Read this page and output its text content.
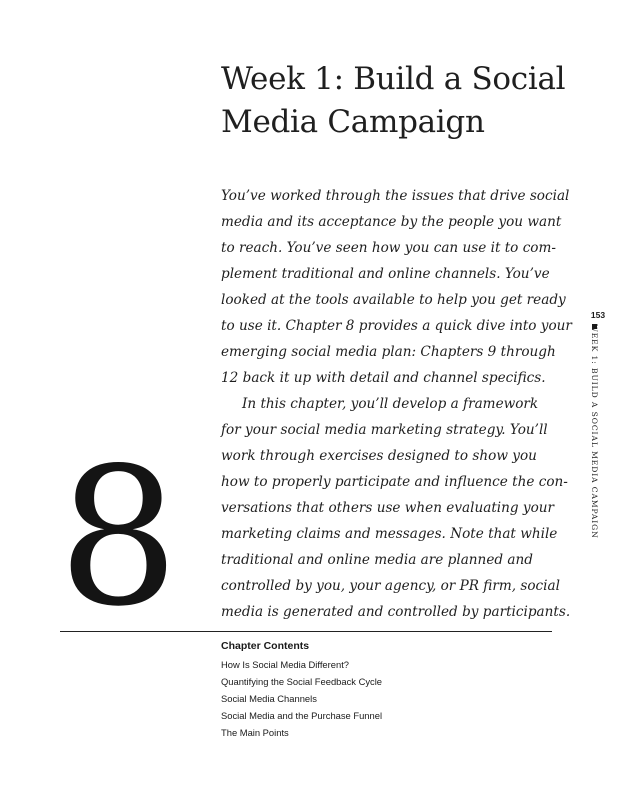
Week 1: Build a Social
Media Campaign
You’ve worked through the issues that drive social
media and its acceptance by the people you want
to reach. You’ve seen how you can use it to com-
plement traditional and online channels. You’ve
looked at the tools available to help you get ready
to use it. Chapter 8 provides a quick dive into your
emerging social media plan: Chapters 9 through
12 back it up with detail and channel specifics.
In this chapter, you’ll develop a framework
for your social media marketing strategy. You’ll
work through exercises designed to show you
how to properly participate and influence the con-
versations that others use when evaluating your
marketing claims and messages. Note that while
traditional and online media are planned and
controlled by you, your agency, or PR firm, social
media is generated and controlled by participants.
8	Chapter Contents
How Is Social Media Different?
Quantifying the Social Feedback Cycle
Social Media Channels
Social Media and the Purchase Funnel
The Main Points
153
WEEK 1: BUILD A SOCIAL MEDIA CAMPAIGN
